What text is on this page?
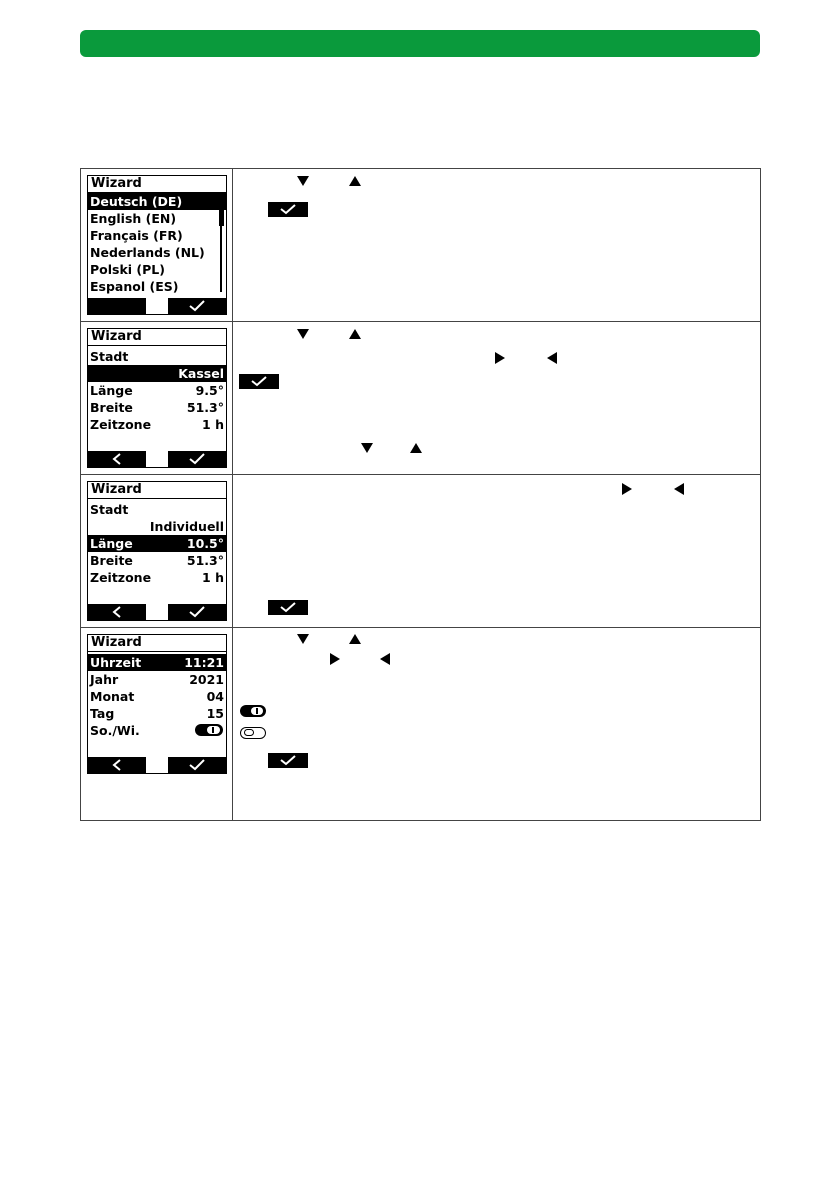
Wizard
Deutsch (DE)
English (EN)
Français (FR)
Nederlands (NL)
Polski (PL)
Espanol (ES)
Wizard
Stadt
Kassel
Länge	9.5°
Breite	51.3°
Zeitzone	1 h
Wizard
Stadt
Individuell
Länge	10.5°
Breite	51.3°
Zeitzone	1 h
Wizard
Uhrzeit	11:21
Jahr	2021
Monat	04
Tag	15
So./Wi.
